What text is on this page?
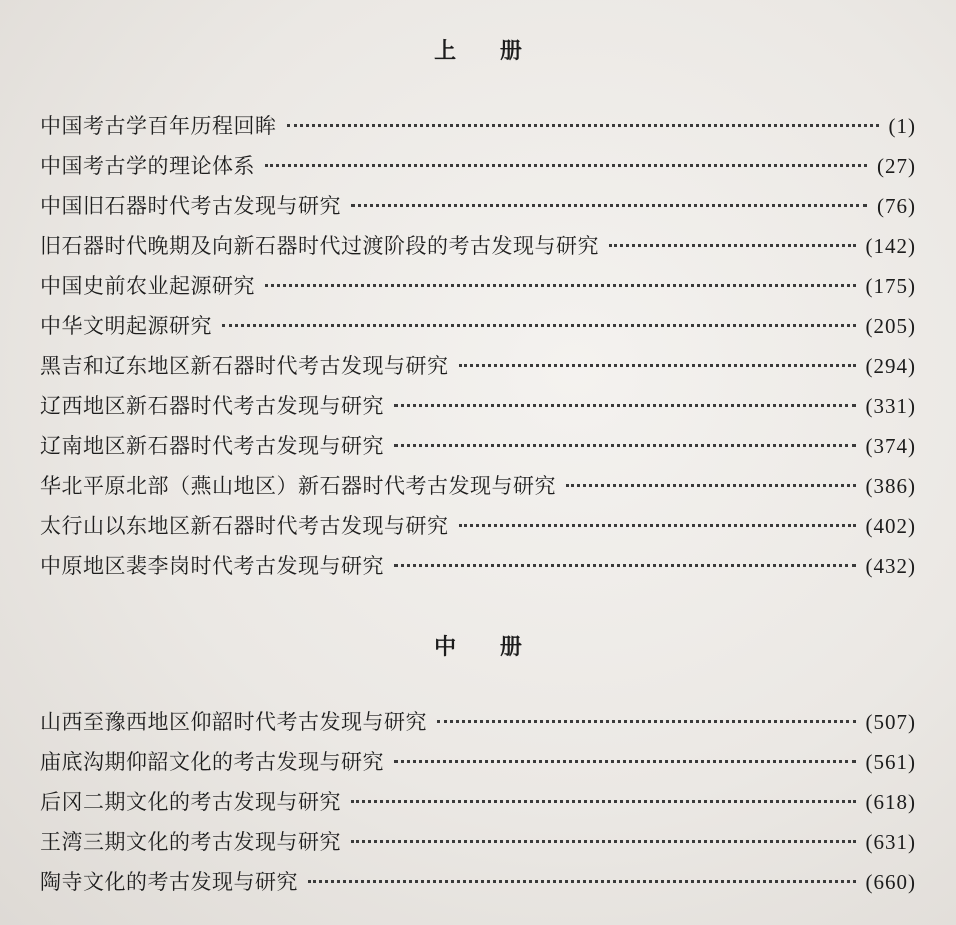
上 册
中国考古学百年历程回眸	(1)
中国考古学的理论体系	(27)
中国旧石器时代考古发现与研究	(76)
旧石器时代晚期及向新石器时代过渡阶段的考古发现与研究	(142)
中国史前农业起源研究	(175)
中华文明起源研究	(205)
黑吉和辽东地区新石器时代考古发现与研究	(294)
辽西地区新石器时代考古发现与研究	(331)
辽南地区新石器时代考古发现与研究	(374)
华北平原北部（燕山地区）新石器时代考古发现与研究	(386)
太行山以东地区新石器时代考古发现与研究	(402)
中原地区裴李岗时代考古发现与研究	(432)
中 册
山西至豫西地区仰韶时代考古发现与研究	(507)
庙底沟期仰韶文化的考古发现与研究	(561)
后冈二期文化的考古发现与研究	(618)
王湾三期文化的考古发现与研究	(631)
陶寺文化的考古发现与研究	(660)
